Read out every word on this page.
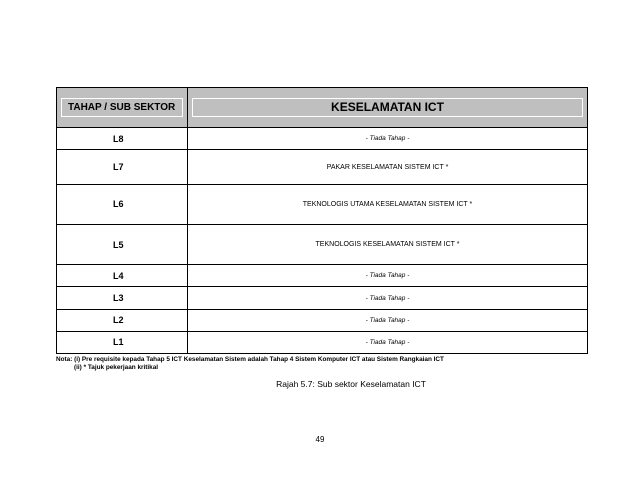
TAHAP / SUB SEKTOR	KESELAMATAN ICT

L8	- Tiada Tahap -
L7	PAKAR KESELAMATAN SISTEM ICT *
L6	TEKNOLOGIS UTAMA KESELAMATAN SISTEM ICT *
L5	TEKNOLOGIS KESELAMATAN SISTEM ICT *
L4	- Tiada Tahap -
L3	- Tiada Tahap -
L2	- Tiada Tahap -
L1	- Tiada Tahap -
Nota: (i) Pre requisite kepada Tahap 5 ICT Keselamatan Sistem adalah Tahap 4 Sistem Komputer ICT atau Sistem Rangkaian ICT
(ii) * Tajuk pekerjaan kritikal
Rajah 5.7: Sub sektor Keselamatan ICT
49
